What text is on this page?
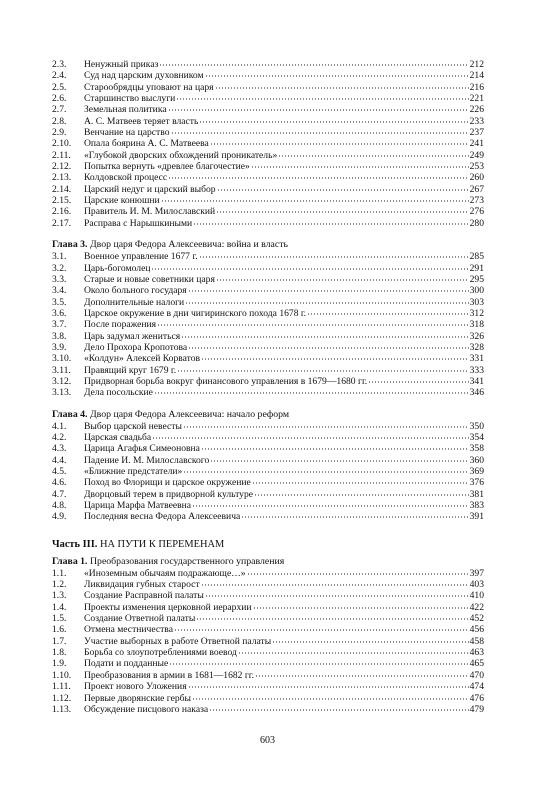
2.3.	Ненужный приказ	212
2.4.	Суд над царским духовником	214
2.5.	Старообрядцы уповают на царя	216
2.6.	Старшинство выслуги	221
2.7.	Земельная политика	226
2.8.	А. С. Матвеев теряет власть	233
2.9.	Венчание на царство	237
2.10.	Опала боярина А. С. Матвеева	241
2.11.	«Глубокой дворских обхождений проникатель»	249
2.12.	Попытка вернуть «древлее благочестие»	253
2.13.	Колдовской процесс	260
2.14.	Царский недуг и царский выбор	267
2.15.	Царские конюшни	273
2.16.	Правитель И. М. Милославский	276
2.17.	Расправа с Нарышкиными	280
Глава 3. Двор царя Федора Алексеевича: война и власть
3.1.	Военное управление 1677 г.	285
3.2.	Царь-богомолец	291
3.3.	Старые и новые советники царя	295
3.4.	Около больного государя	300
3.5.	Дополнительные налоги	303
3.6.	Царское окружение в дни чигиринского похода 1678 г.	312
3.7.	После поражения	318
3.8.	Царь задумал жениться	326
3.9.	Дело Прохора Кропотова	328
3.10.	«Колдун» Алексей Корватов	331
3.11.	Правящий круг 1679 г.	333
3.12.	Придворная борьба вокруг финансового управления в 1679—1680 гг.	341
3.13.	Дела посольские	346
Глава 4. Двор царя Федора Алексеевича: начало реформ
4.1.	Выбор царской невесты	350
4.2.	Царская свадьба	354
4.3.	Царица Агафья Симеоновна	358
4.4.	Падение И. М. Милославского	360
4.5.	«Ближние предстатели»	369
4.6.	Поход во Флорищи и царское окружение	376
4.7.	Дворцовый терем в придворной культуре	381
4.8.	Царица Марфа Матвеевна	383
4.9.	Последняя весна Федора Алексеевича	391
Часть III. НА ПУТИ К ПЕРЕМЕНАМ
Глава 1. Преобразования государственного управления
1.1.	«Иноземным обычаям подражающе…»	397
1.2.	Ликвидация губных старост	403
1.3.	Создание Расправной палаты	410
1.4.	Проекты изменения церковной иерархии	422
1.5.	Создание Ответной палаты	452
1.6.	Отмена местничества	456
1.7.	Участие выборных в работе Ответной палаты	458
1.8.	Борьба со злоупотреблениями воевод	463
1.9.	Подати и подданные	465
1.10.	Преобразования в армии в 1681—1682 гг.	470
1.11.	Проект нового Уложения	474
1.12.	Первые дворянские гербы	476
1.13.	Обсуждение писцового наказа	479
603
